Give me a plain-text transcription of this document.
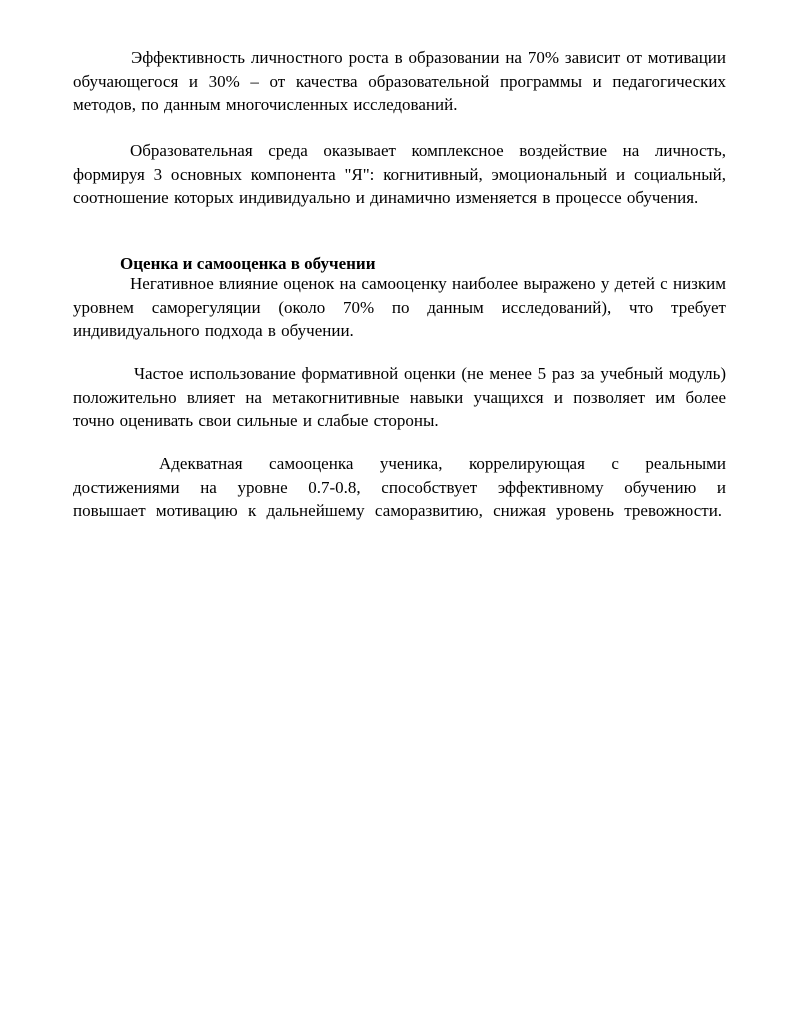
Эффективность личностного роста в образовании на 70% зависит от мотивации обучающегося и 30% – от качества образовательной программы и педагогических методов, по данным многочисленных исследований.

Образовательная среда оказывает комплексное воздействие на личность, формируя 3 основных компонента "Я": когнитивный, эмоциональный и социальный, соотношение которых индивидуально и динамично изменяется в процессе обучения.

Оценка и самооценка в обучении

Негативное влияние оценок на самооценку наиболее выражено у детей с низким уровнем саморегуляции (около 70% по данным исследований), что требует индивидуального подхода в обучении.

Частое использование формативной оценки (не менее 5 раз за учебный модуль) положительно влияет на метакогнитивные навыки учащихся и позволяет им более точно оценивать свои сильные и слабые стороны.

Адекватная самооценка ученика, коррелирующая с реальными достижениями на уровне 0.7-0.8, способствует эффективному обучению и повышает мотивацию к дальнейшему саморазвитию, снижая уровень тревожности.
